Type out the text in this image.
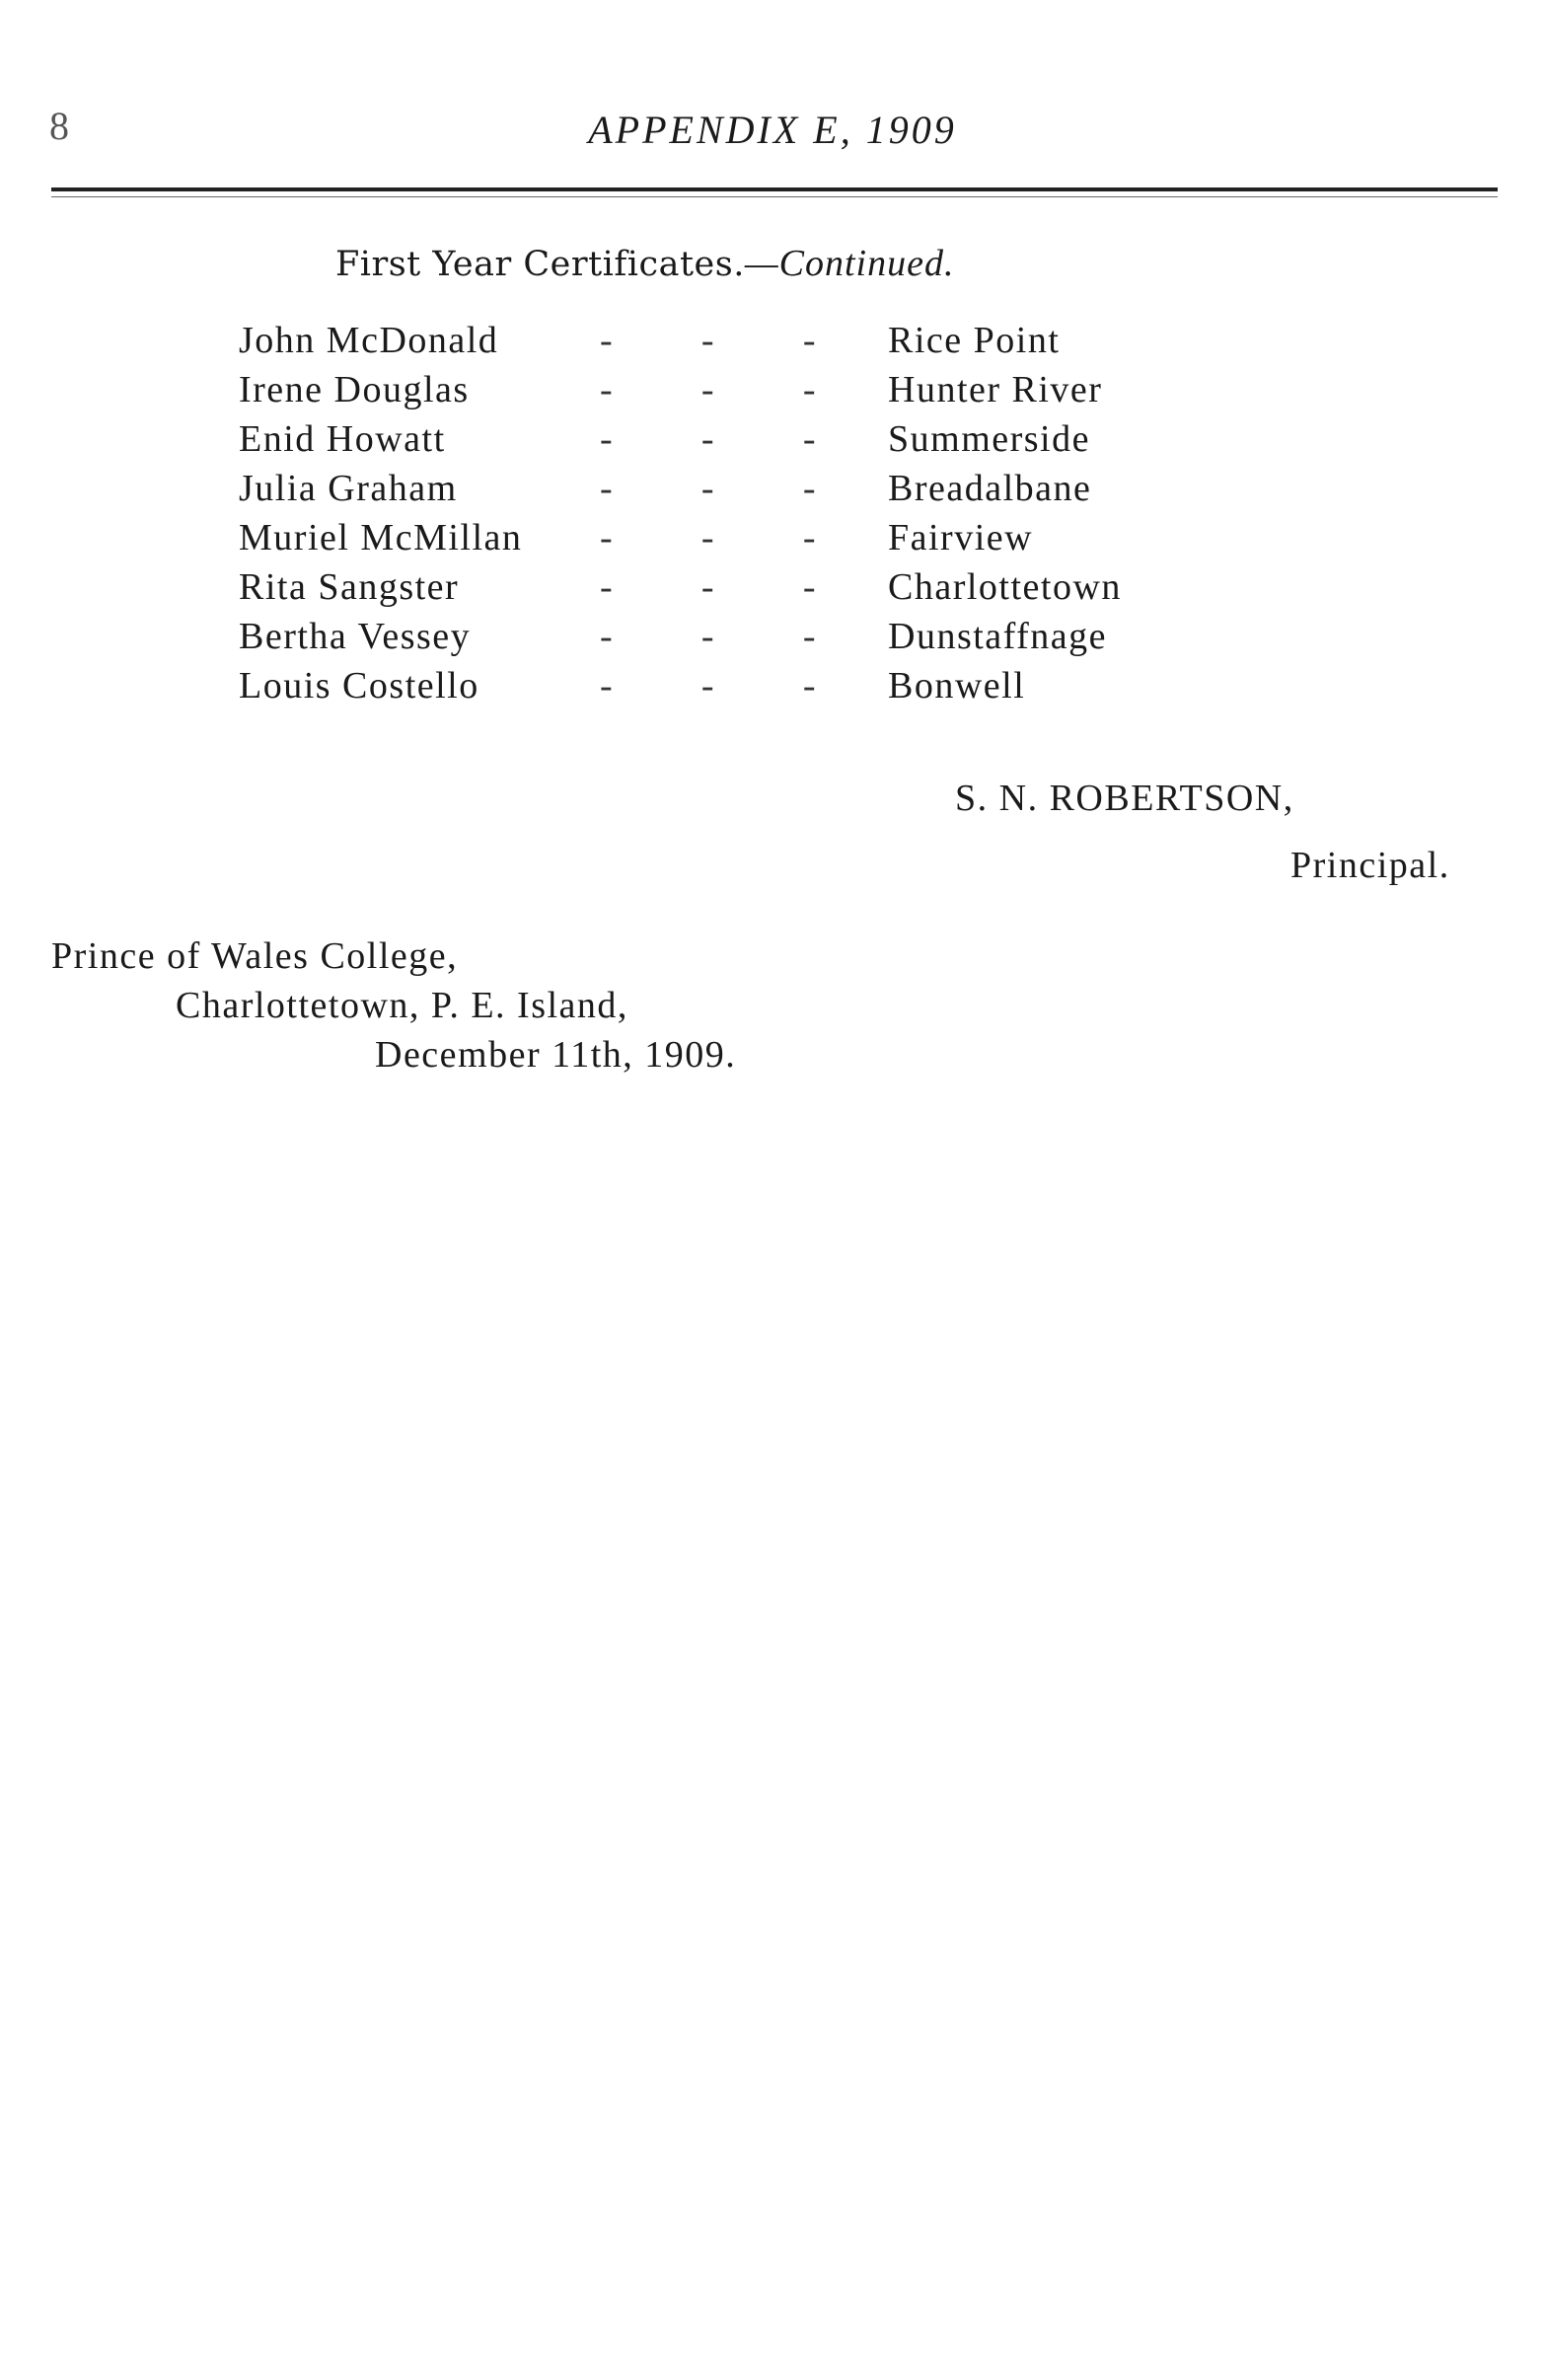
8	APPENDIX E, 1909
First Year Certificates.—Continued.
John McDonald	- - - Rice Point
Irene Douglas	- - - Hunter River
Enid Howatt	- - - Summerside
Julia Graham	- - - Breadalbane
Muriel McMillan - - - Fairview
Rita Sangster	- - - Charlottetown
Bertha Vessey	- - - Dunstaffnage
Louis Costello	- - - Bonwell
S. N. ROBERTSON,
Principal.
Prince of Wales College,
Charlottetown, P. E. Island,
December 11th, 1909.
